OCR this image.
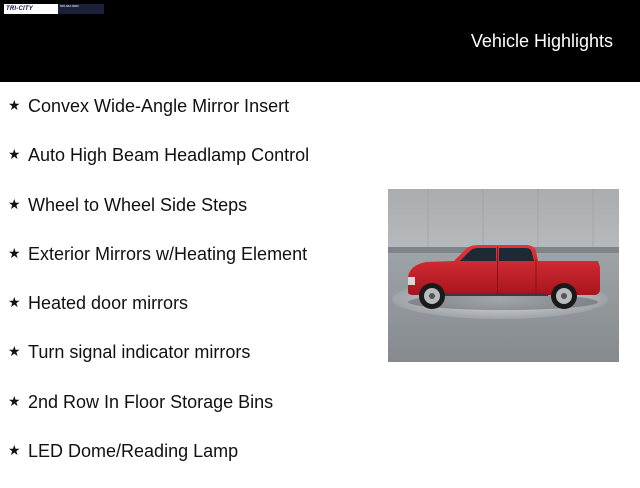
TRI-CITY	505-962-9083
Vehicle Highlights
★ Convex Wide-Angle Mirror Insert
★ Auto High Beam Headlamp Control
★ Wheel to Wheel Side Steps
★ Exterior Mirrors w/Heating Element
★ Heated door mirrors
★ Turn signal indicator mirrors
★ 2nd Row In Floor Storage Bins
★ LED Dome/Reading Lamp
